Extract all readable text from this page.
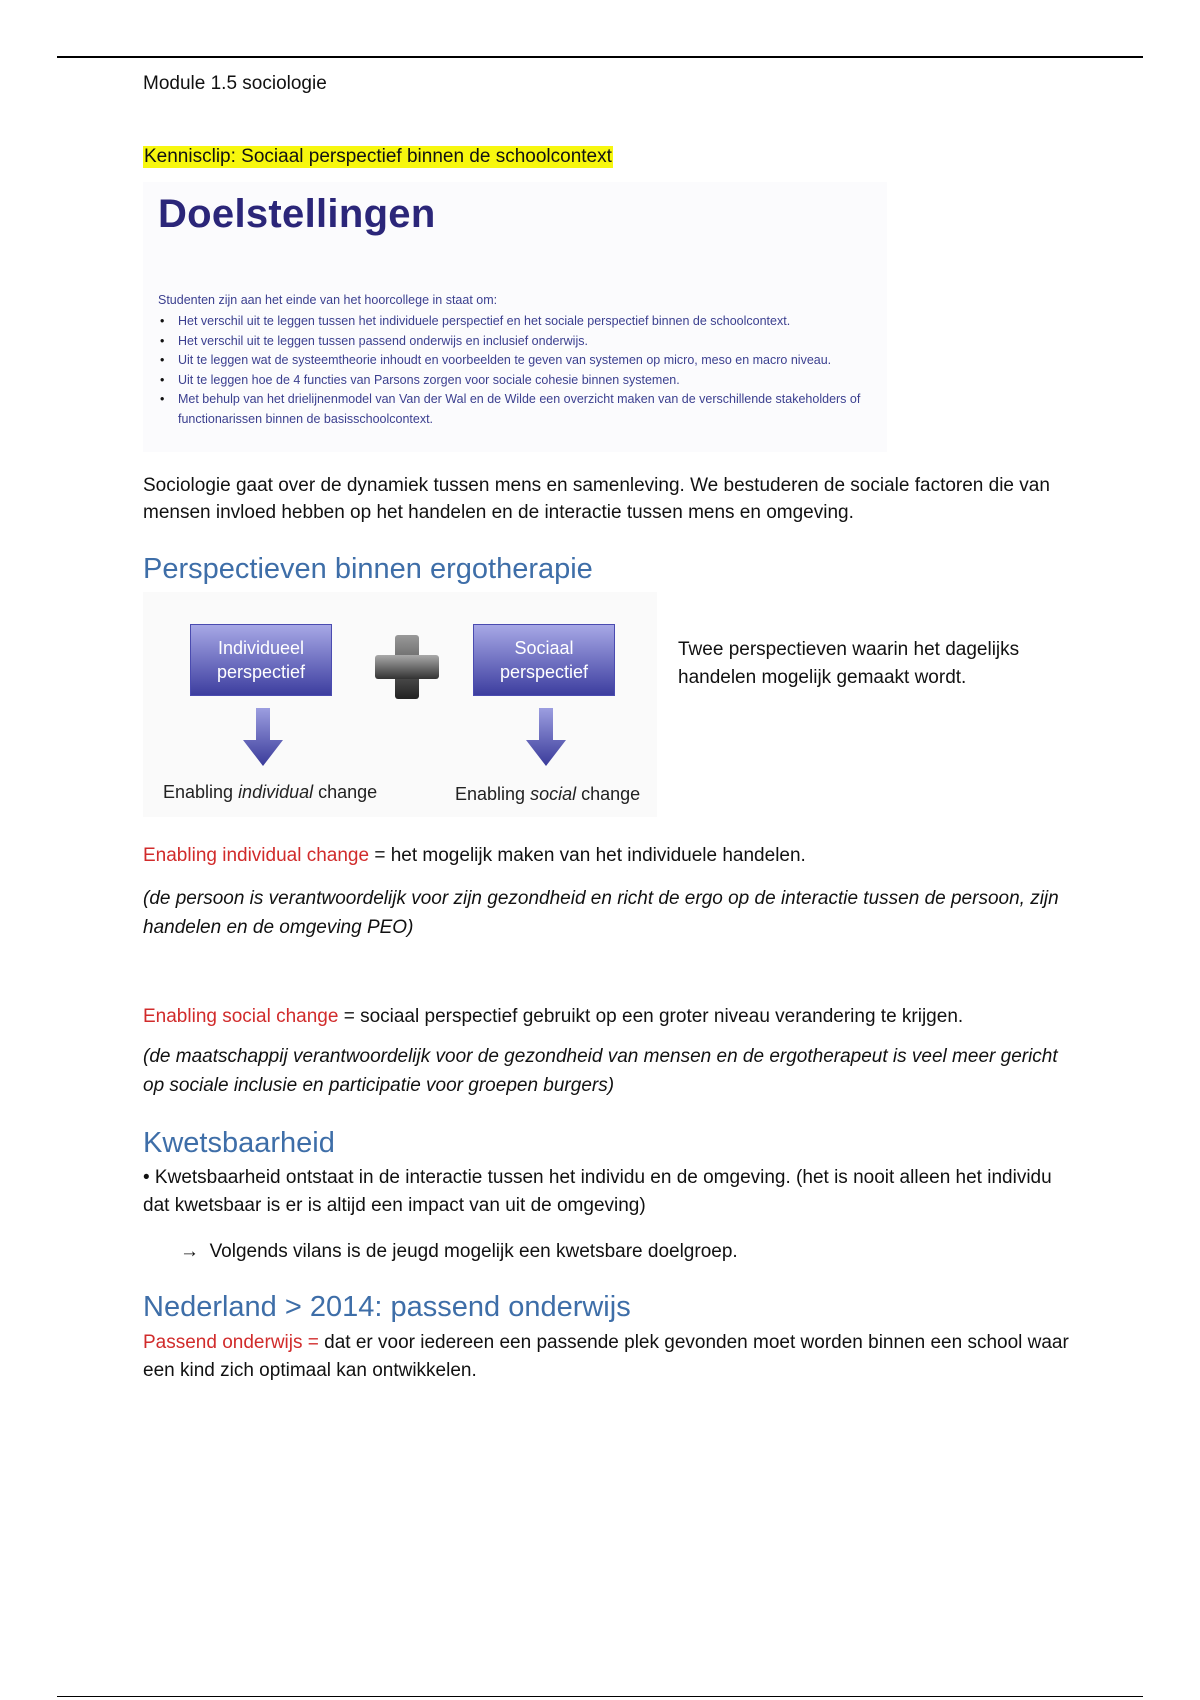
Module 1.5 sociologie
Kennisclip: Sociaal perspectief binnen de schoolcontext
Doelstellingen
Studenten zijn aan het einde van het hoorcollege in staat om:
• Het verschil uit te leggen tussen het individuele perspectief en het sociale perspectief binnen de schoolcontext.
• Het verschil uit te leggen tussen passend onderwijs en inclusief onderwijs.
• Uit te leggen wat de systeemtheorie inhoudt en voorbeelden te geven van systemen op micro, meso en macro niveau.
• Uit te leggen hoe de 4 functies van Parsons zorgen voor sociale cohesie binnen systemen.
• Met behulp van het drielijnenmodel van Van der Wal en de Wilde een overzicht maken van de verschillende stakeholders of functionarissen binnen de basisschoolcontext.
Sociologie gaat over de dynamiek tussen mens en samenleving. We bestuderen de sociale factoren die van mensen invloed hebben op het handelen en de interactie tussen mens en omgeving.
Perspectieven binnen ergotherapie
Individueel perspectief
Sociaal perspectief
Enabling individual change	Enabling social change
Twee perspectieven waarin het dagelijks handelen mogelijk gemaakt wordt.
Enabling individual change = het mogelijk maken van het individuele handelen.
(de persoon is verantwoordelijk voor zijn gezondheid en richt de ergo op de interactie tussen de persoon, zijn handelen en de omgeving PEO)
Enabling social change = sociaal perspectief gebruikt op een groter niveau verandering te krijgen.
(de maatschappij verantwoordelijk voor de gezondheid van mensen en de ergotherapeut is veel meer gericht op sociale inclusie en participatie voor groepen burgers)
Kwetsbaarheid
• Kwetsbaarheid ontstaat in de interactie tussen het individu en de omgeving. (het is nooit alleen het individu dat kwetsbaar is er is altijd een impact van uit de omgeving)
→ Volgends vilans is de jeugd mogelijk een kwetsbare doelgroep.
Nederland > 2014: passend onderwijs
Passend onderwijs = dat er voor iedereen een passende plek gevonden moet worden binnen een school waar een kind zich optimaal kan ontwikkelen.
